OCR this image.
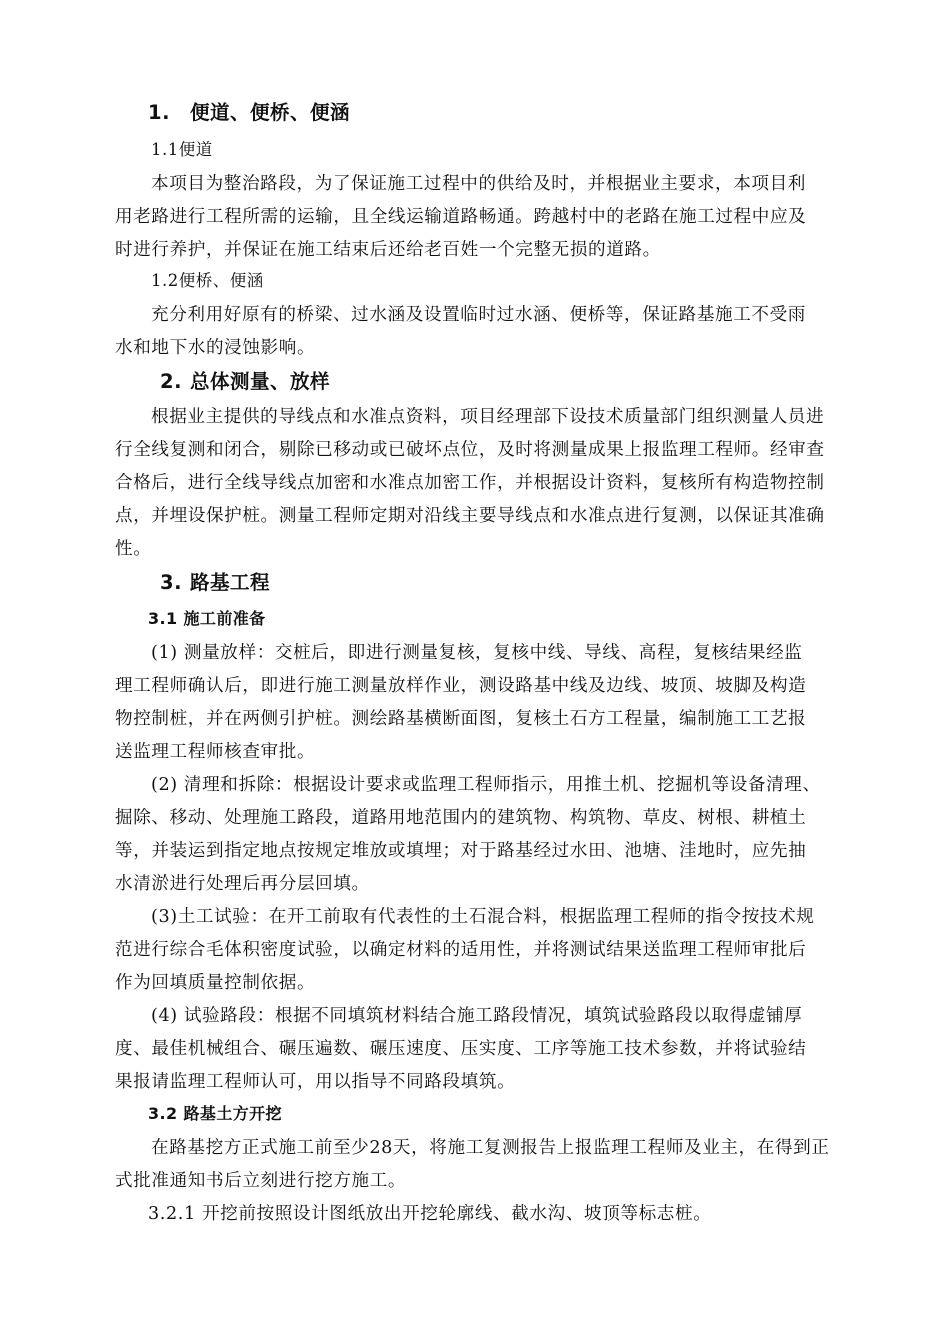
1. 便道、便桥、便涵
1.1便道
本项目为整治路段，为了保证施工过程中的供给及时，并根据业主要求，本项目利
用老路进行工程所需的运输，且全线运输道路畅通。跨越村中的老路在施工过程中应及
时进行养护，并保证在施工结束后还给老百姓一个完整无损的道路。
1.2便桥、便涵
充分利用好原有的桥梁、过水涵及设置临时过水涵、便桥等，保证路基施工不受雨
水和地下水的浸蚀影响。
2. 总体测量、放样
根据业主提供的导线点和水准点资料，项目经理部下设技术质量部门组织测量人员进
行全线复测和闭合，剔除已移动或已破坏点位，及时将测量成果上报监理工程师。经审查
合格后，进行全线导线点加密和水准点加密工作，并根据设计资料，复核所有构造物控制
点，并埋设保护桩。测量工程师定期对沿线主要导线点和水准点进行复测，以保证其准确
性。
3. 路基工程
3.1 施工前准备
(1) 测量放样：交桩后，即进行测量复核，复核中线、导线、高程，复核结果经监
理工程师确认后，即进行施工测量放样作业，测设路基中线及边线、坡顶、坡脚及构造
物控制桩，并在两侧引护桩。测绘路基横断面图，复核土石方工程量，编制施工工艺报
送监理工程师核查审批。
(2) 清理和拆除：根据设计要求或监理工程师指示，用推土机、挖掘机等设备清理、
掘除、移动、处理施工路段，道路用地范围内的建筑物、构筑物、草皮、树根、耕植土
等，并装运到指定地点按规定堆放或填埋；对于路基经过水田、池塘、洼地时，应先抽
水清淤进行处理后再分层回填。
(3)土工试验：在开工前取有代表性的土石混合料，根据监理工程师的指令按技术规
范进行综合毛体积密度试验，以确定材料的适用性，并将测试结果送监理工程师审批后
作为回填质量控制依据。
(4) 试验路段：根据不同填筑材料结合施工路段情况，填筑试验路段以取得虚铺厚
度、最佳机械组合、碾压遍数、碾压速度、压实度、工序等施工技术参数，并将试验结
果报请监理工程师认可，用以指导不同路段填筑。
3.2 路基土方开挖
在路基挖方正式施工前至少28天，将施工复测报告上报监理工程师及业主，在得到正
式批准通知书后立刻进行挖方施工。
3.2.1 开挖前按照设计图纸放出开挖轮廓线、截水沟、坡顶等标志桩。
